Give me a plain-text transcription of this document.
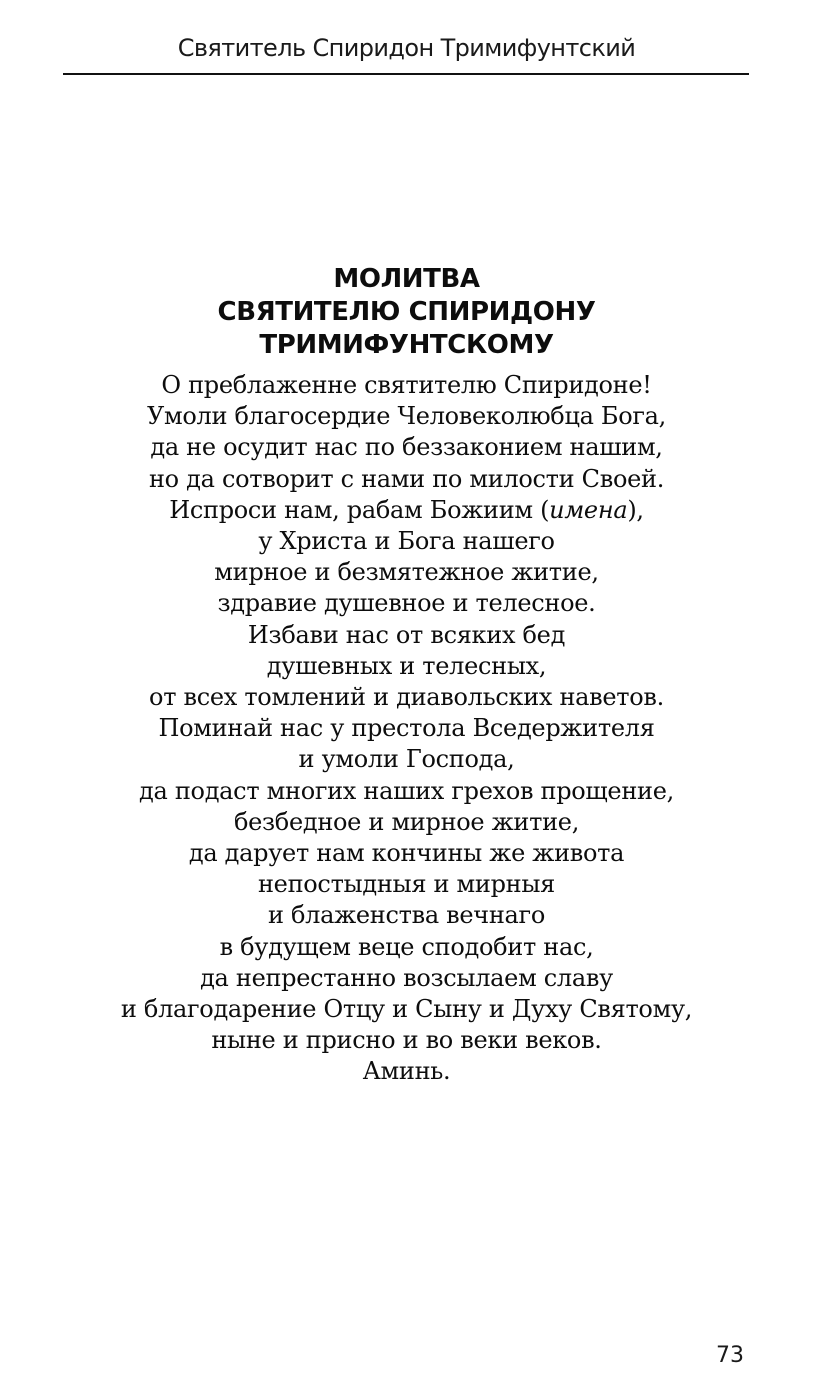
Святитель Спиридон Тримифунтский
МОЛИТВА
СВЯТИТЕЛЮ СПИРИДОНУ
ТРИМИФУНТСКОМУ
О преблаженне святителю Спиридоне!
Умоли благосердие Человеколюбца Бога,
да не осудит нас по беззаконием нашим,
но да сотворит с нами по милости Своей.
Испроси нам, рабам Божиим (имена),
у Христа и Бога нашего
мирное и безмятежное житие,
здравие душевное и телесное.
Избави нас от всяких бед
душевных и телесных,
от всех томлений и диавольских наветов.
Поминай нас у престола Вседержителя
и умоли Господа,
да подаст многих наших грехов прощение,
безбедное и мирное житие,
да дарует нам кончины же живота
непостыдныя и мирныя
и блаженства вечнаго
в будущем веце сподобит нас,
да непрестанно возсылаем славу
и благодарение Отцу и Сыну и Духу Святому,
ныне и присно и во веки веков.
Аминь.
73
